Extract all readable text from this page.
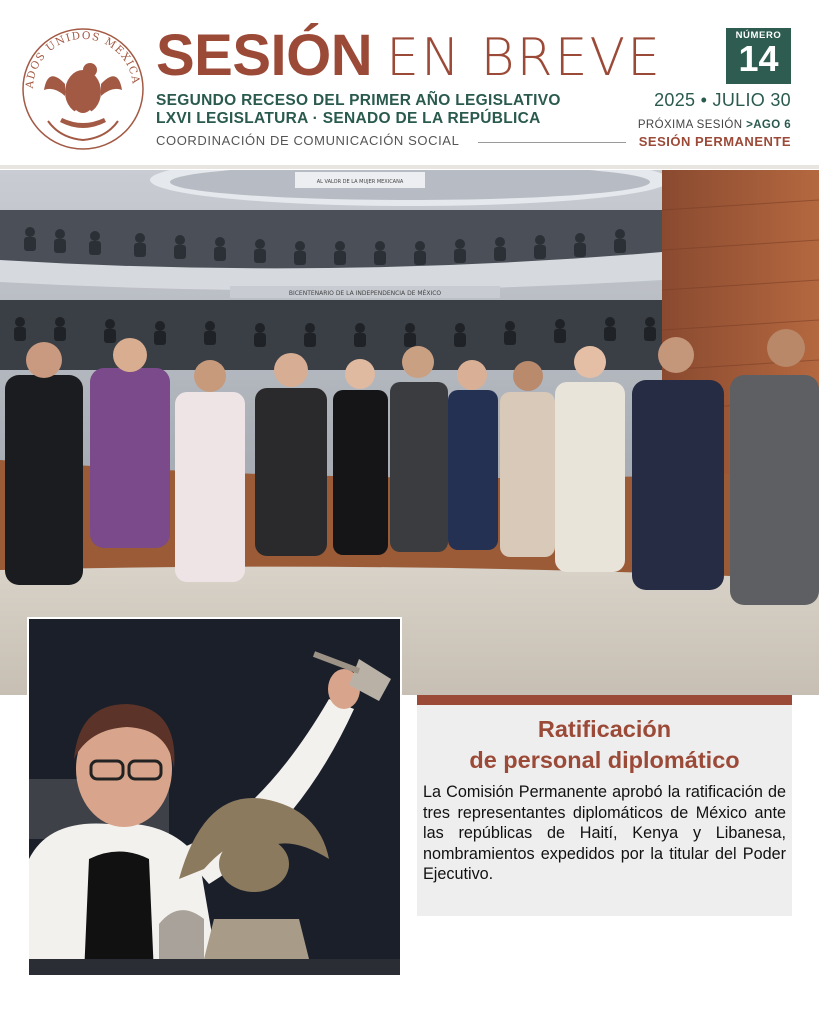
ADOS UNIDOS MEXICA SESIÓN EN BREVE
SEGUNDO RECESO DEL PRIMER AÑO LEGISLATIVO
LXVI LEGISLATURA · SENADO DE LA REPÚBLICA
COORDINACIÓN DE COMUNICACIÓN SOCIAL
NÚMERO
14
2025 • JULIO 30
PRÓXIMA SESIÓN >AGO 6
SESIÓN PERMANENTE
AL VALOR DE LA MUJER MEXICANA
BICENTENARIO DE LA INDEPENDENCIA DE MÉXICO
Ratificación
de personal diplomático
La Comisión Permanente aprobó la ratificación de tres representantes diplomáticos de México ante las repúblicas de Haití, Kenya y Libanesa, nombramientos expedidos por la titular del Poder Ejecutivo.
